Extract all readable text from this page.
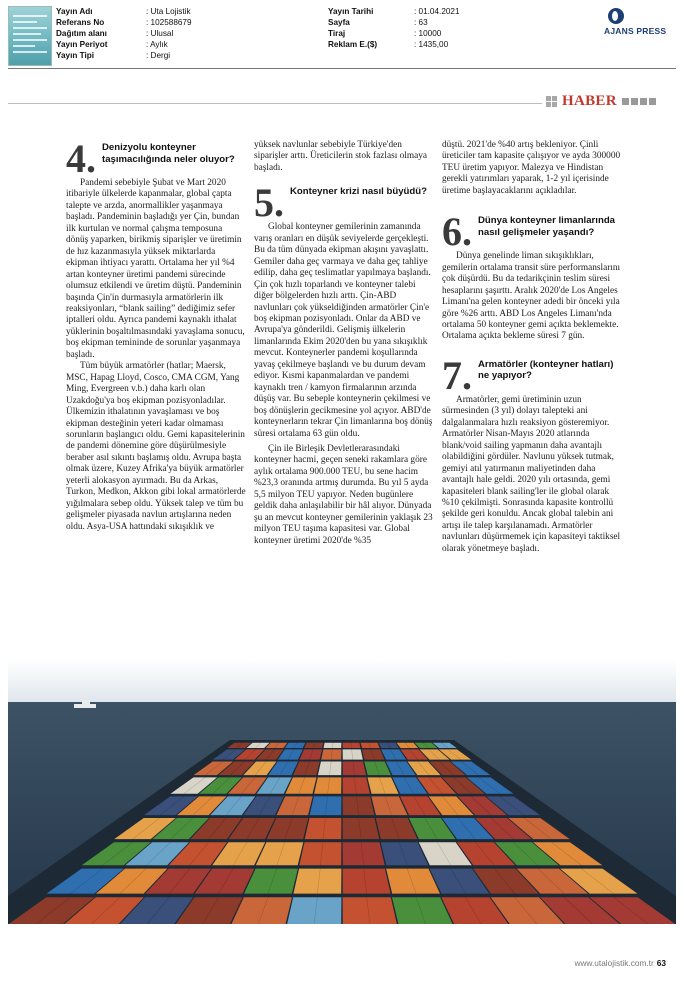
Yayın Adı	: Uta Lojistik
Referans No	: 102588679
Dağıtım alanı	: Ulusal
Yayın Periyot	: Aylık
Yayın Tipi	: Dergi
Yayın Tarihi	: 01.04.2021
Sayfa	: 63
Tiraj	: 10000
Reklam E.($)	: 1435,00
AJANS PRESS
HABER
4. Denizyolu konteyner taşımacılığında neler oluyor?

Pandemi sebebiyle Şubat ve Mart 2020 itibariyle ülkelerde kapanmalar, global çapta talepte ve arzda, anormallikler yaşanmaya başladı. Pandeminin başladığı yer Çin, bundan ilk kurtulan ve normal çalışma temposuna dönüş yaparken, birikmiş siparişler ve üretimin de hız kazanmasıyla yüksek miktarlarda ekipman ihtiyacı yarattı. Ortalama her yıl %4 artan konteyner üretimi pandemi sürecinde olumsuz etkilendi ve üretim düştü. Pandeminin başında Çin'in durmasıyla armatörlerin ilk reaksiyonları, “blank sailing” dediğimiz sefer iptalleri oldu. Ayrıca pandemi kaynaklı ithalat yüklerinin boşaltılmasındaki yavaşlama sonucu, boş ekipman temininde de sorunlar yaşanmaya başladı.

Tüm büyük armatörler (hatlar; Maersk, MSC, Hapag Lloyd, Cosco, CMA CGM, Yang Ming, Evergreen v.b.) daha karlı olan Uzakdoğu'ya boş ekipman pozisyonladılar. Ülkemizin ithalatının yavaşlaması ve boş ekipman desteğinin yeteri kadar olmaması sorunların başlangıcı oldu. Gemi kapasitelerinin de pandemi dönemine göre düşürülmesiyle beraber asıl sıkıntı başlamış oldu. Avrupa başta olmak üzere, Kuzey Afrika'ya büyük armatörler yeterli alokasyon ayırmadı. Bu da Arkas, Turkon, Medkon, Akkon gibi lokal armatörlerde yığılmalara sebep oldu. Yüksek talep ve tüm bu gelişmeler piyasada navlun artışlarına neden oldu. Asya-USA hattındaki sıkışıklık ve

yüksek navlunlar sebebiyle Türkiye'den siparişler arttı. Üreticilerin stok fazlası olmaya başladı.

5. Konteyner krizi nasıl büyüdü?

Global konteyner gemilerinin zamanında varış oranları en düşük seviyelerde gerçekleşti. Bu da tüm dünyada ekipman akışını yavaşlattı. Gemiler daha geç varmaya ve daha geç tahliye edilip, daha geç teslimatlar yapılmaya başlandı. Çin çok hızlı toparlandı ve konteyner talebi diğer bölgelerden hızlı arttı. Çin-ABD navlunları çok yükseldiğinden armatörler Çin'e boş ekipman pozisyonladı. Onlar da ABD ve Avrupa'ya gönderildi. Gelişmiş ülkelerin limanlarında Ekim 2020'den bu yana sıkışıklık mevcut. Konteynerler pandemi koşullarında yavaş çekilmeye başlandı ve bu durum devam ediyor. Kısmi kapanmalardan ve pandemi kaynaklı tren / kamyon firmalarının arzında düşüş var. Bu sebeple konteynerin çekilmesi ve boş dönüşlerin gecikmesine yol açıyor. ABD'de konteynerların tekrar Çin limanlarına boş dönüş süresi ortalama 63 gün oldu.

Çin ile Birleşik Devletlerarasındaki konteyner hacmi, geçen seneki rakamlara göre aylık ortalama 900.000 TEU, bu sene hacim %23,3 oranında artmış durumda. Bu yıl 5 ayda 5,5 milyon TEU yapıyor. Neden bugünlere geldik daha anlaşılabilir bir hâl alıyor. Dünyada şu an mevcut konteyner gemilerinin yaklaşık 23 milyon TEU taşıma kapasitesi var. Global konteyner üretimi 2020'de %35

düştü. 2021'de %40 artış bekleniyor. Çinli üreticiler tam kapasite çalışıyor ve ayda 300000 TEU üretim yapıyor. Malezya ve Hindistan gerekli yatırımları yaparak, 1-2 yıl içerisinde üretime başlayacaklarını açıkladılar.

6. Dünya konteyner limanlarında nasıl gelişmeler yaşandı?

Dünya genelinde liman sıkışıklıkları, gemilerin ortalama transit süre performanslarını çok düşürdü. Bu da tedarikçinin teslim süresi hesaplarını şaşırttı. Aralık 2020'de Los Angeles Limanı'na gelen konteyner adedi bir önceki yıla göre %26 arttı. ABD Los Angeles Limanı'nda ortalama 50 konteyner gemi açıkta beklemekte. Ortalama açıkta bekleme süresi 7 gün.

7. Armatörler (konteyner hatları) ne yapıyor?

Armatörler, gemi üretiminin uzun sürmesinden (3 yıl) dolayı talepteki ani dalgalanmalara hızlı reaksiyon gösteremiyor. Armatörler Nisan-Mayıs 2020 atlarında blank/void sailing yapmanın daha avantajlı olabildiğini gördüler. Navlunu yüksek tutmak, gemiyi atıl yatırmanın maliyetinden daha avantajlı hale geldi. 2020 yılı ortasında, gemi kapasiteleri blank sailing'ler ile global olarak %10 çekilmişti. Sonrasında kapasite kontrollü şekilde geri konuldu. Ancak global talebin ani artışı ile talep karşılanamadı. Armatörler navlunları düşürmemek için kapasiteyi taktiksel olarak yönetmeye başladı.

www.utalojistik.com.tr 63
